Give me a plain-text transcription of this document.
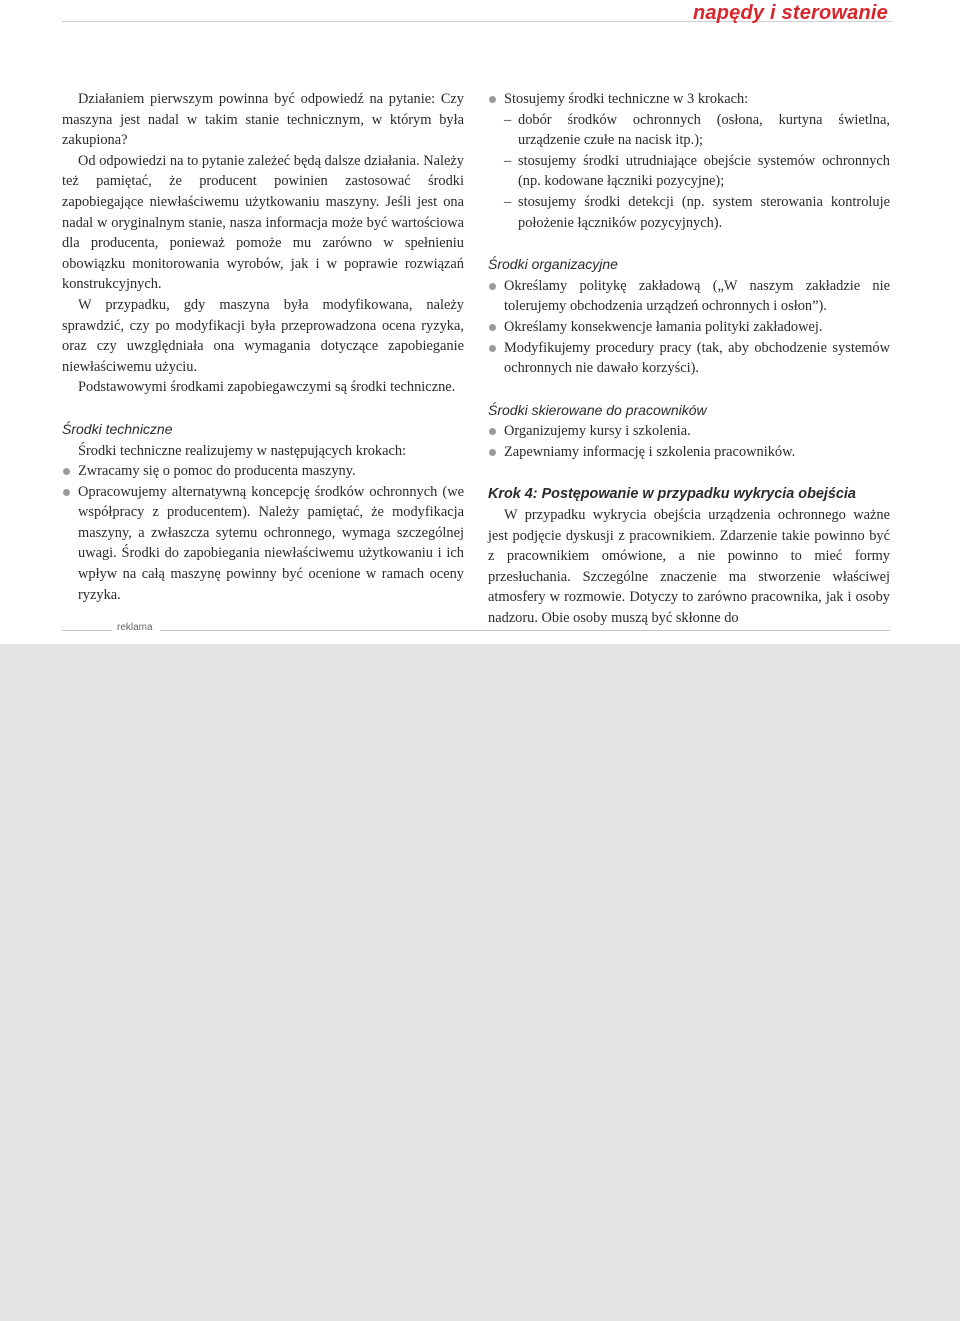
napędy i sterowanie

Działaniem pierwszym powinna być odpowiedź na pytanie: Czy maszyna jest nadal w takim stanie technicznym, w którym była zakupiona?

Od odpowiedzi na to pytanie zależeć będą dalsze działania. Należy też pamiętać, że producent powinien zastosować środki zapobiegające niewłaściwemu użytkowaniu maszyny. Jeśli jest ona nadal w oryginalnym stanie, nasza informacja może być wartościowa dla producenta, ponieważ pomoże mu zarówno w spełnieniu obowiązku monitorowania wyrobów, jak i w poprawie rozwiązań konstrukcyjnych.

W przypadku, gdy maszyna była modyfikowana, należy sprawdzić, czy po modyfikacji była przeprowadzona ocena ryzyka, oraz czy uwzględniała ona wymagania dotyczące zapobieganie niewłaściwemu użyciu.

Podstawowymi środkami zapobiegawczymi są środki techniczne.

Środki techniczne

Środki techniczne realizujemy w następujących krokach:

Zwracamy się o pomoc do producenta maszyny.
Opracowujemy alternatywną koncepcję środków ochronnych (we współpracy z producentem). Należy pamiętać, że modyfikacja maszyny, a zwłaszcza sytemu ochronnego, wymaga szczególnej uwagi. Środki do zapobiegania niewłaściwemu użytkowaniu i ich wpływ na całą maszynę powinny być ocenione w ramach oceny ryzyka.
Stosujemy środki techniczne w 3 krokach:
– dobór środków ochronnych (osłona, kurtyna świetlna, urządzenie czułe na nacisk itp.);
– stosujemy środki utrudniające obejście systemów ochronnych (np. kodowane łączniki pozycyjne);
– stosujemy środki detekcji (np. system sterowania kontroluje położenie łączników pozycyjnych).
Środki organizacyjne
Określamy politykę zakładową („W naszym zakładzie nie tolerujemy obchodzenia urządzeń ochronnych i osłon”).
Określamy konsekwencje łamania polityki zakładowej.
Modyfikujemy procedury pracy (tak, aby obchodzenie systemów ochronnych nie dawało korzyści).
Środki skierowane do pracowników
Organizujemy kursy i szkolenia.
Zapewniamy informację i szkolenia pracowników.
Krok 4: Postępowanie w przypadku wykrycia obejścia

W przypadku wykrycia obejścia urządzenia ochronnego ważne jest podjęcie dyskusji z pracownikiem. Zdarzenie takie powinno być z pracownikiem omówione, a nie powinno to mieć formy przesłuchania. Szczególne znaczenie ma stworzenie właściwej atmosfery w rozmowie. Dotyczy to zarówno pracownika, jak i osoby nadzoru. Obie osoby muszą być skłonne do

reklama
